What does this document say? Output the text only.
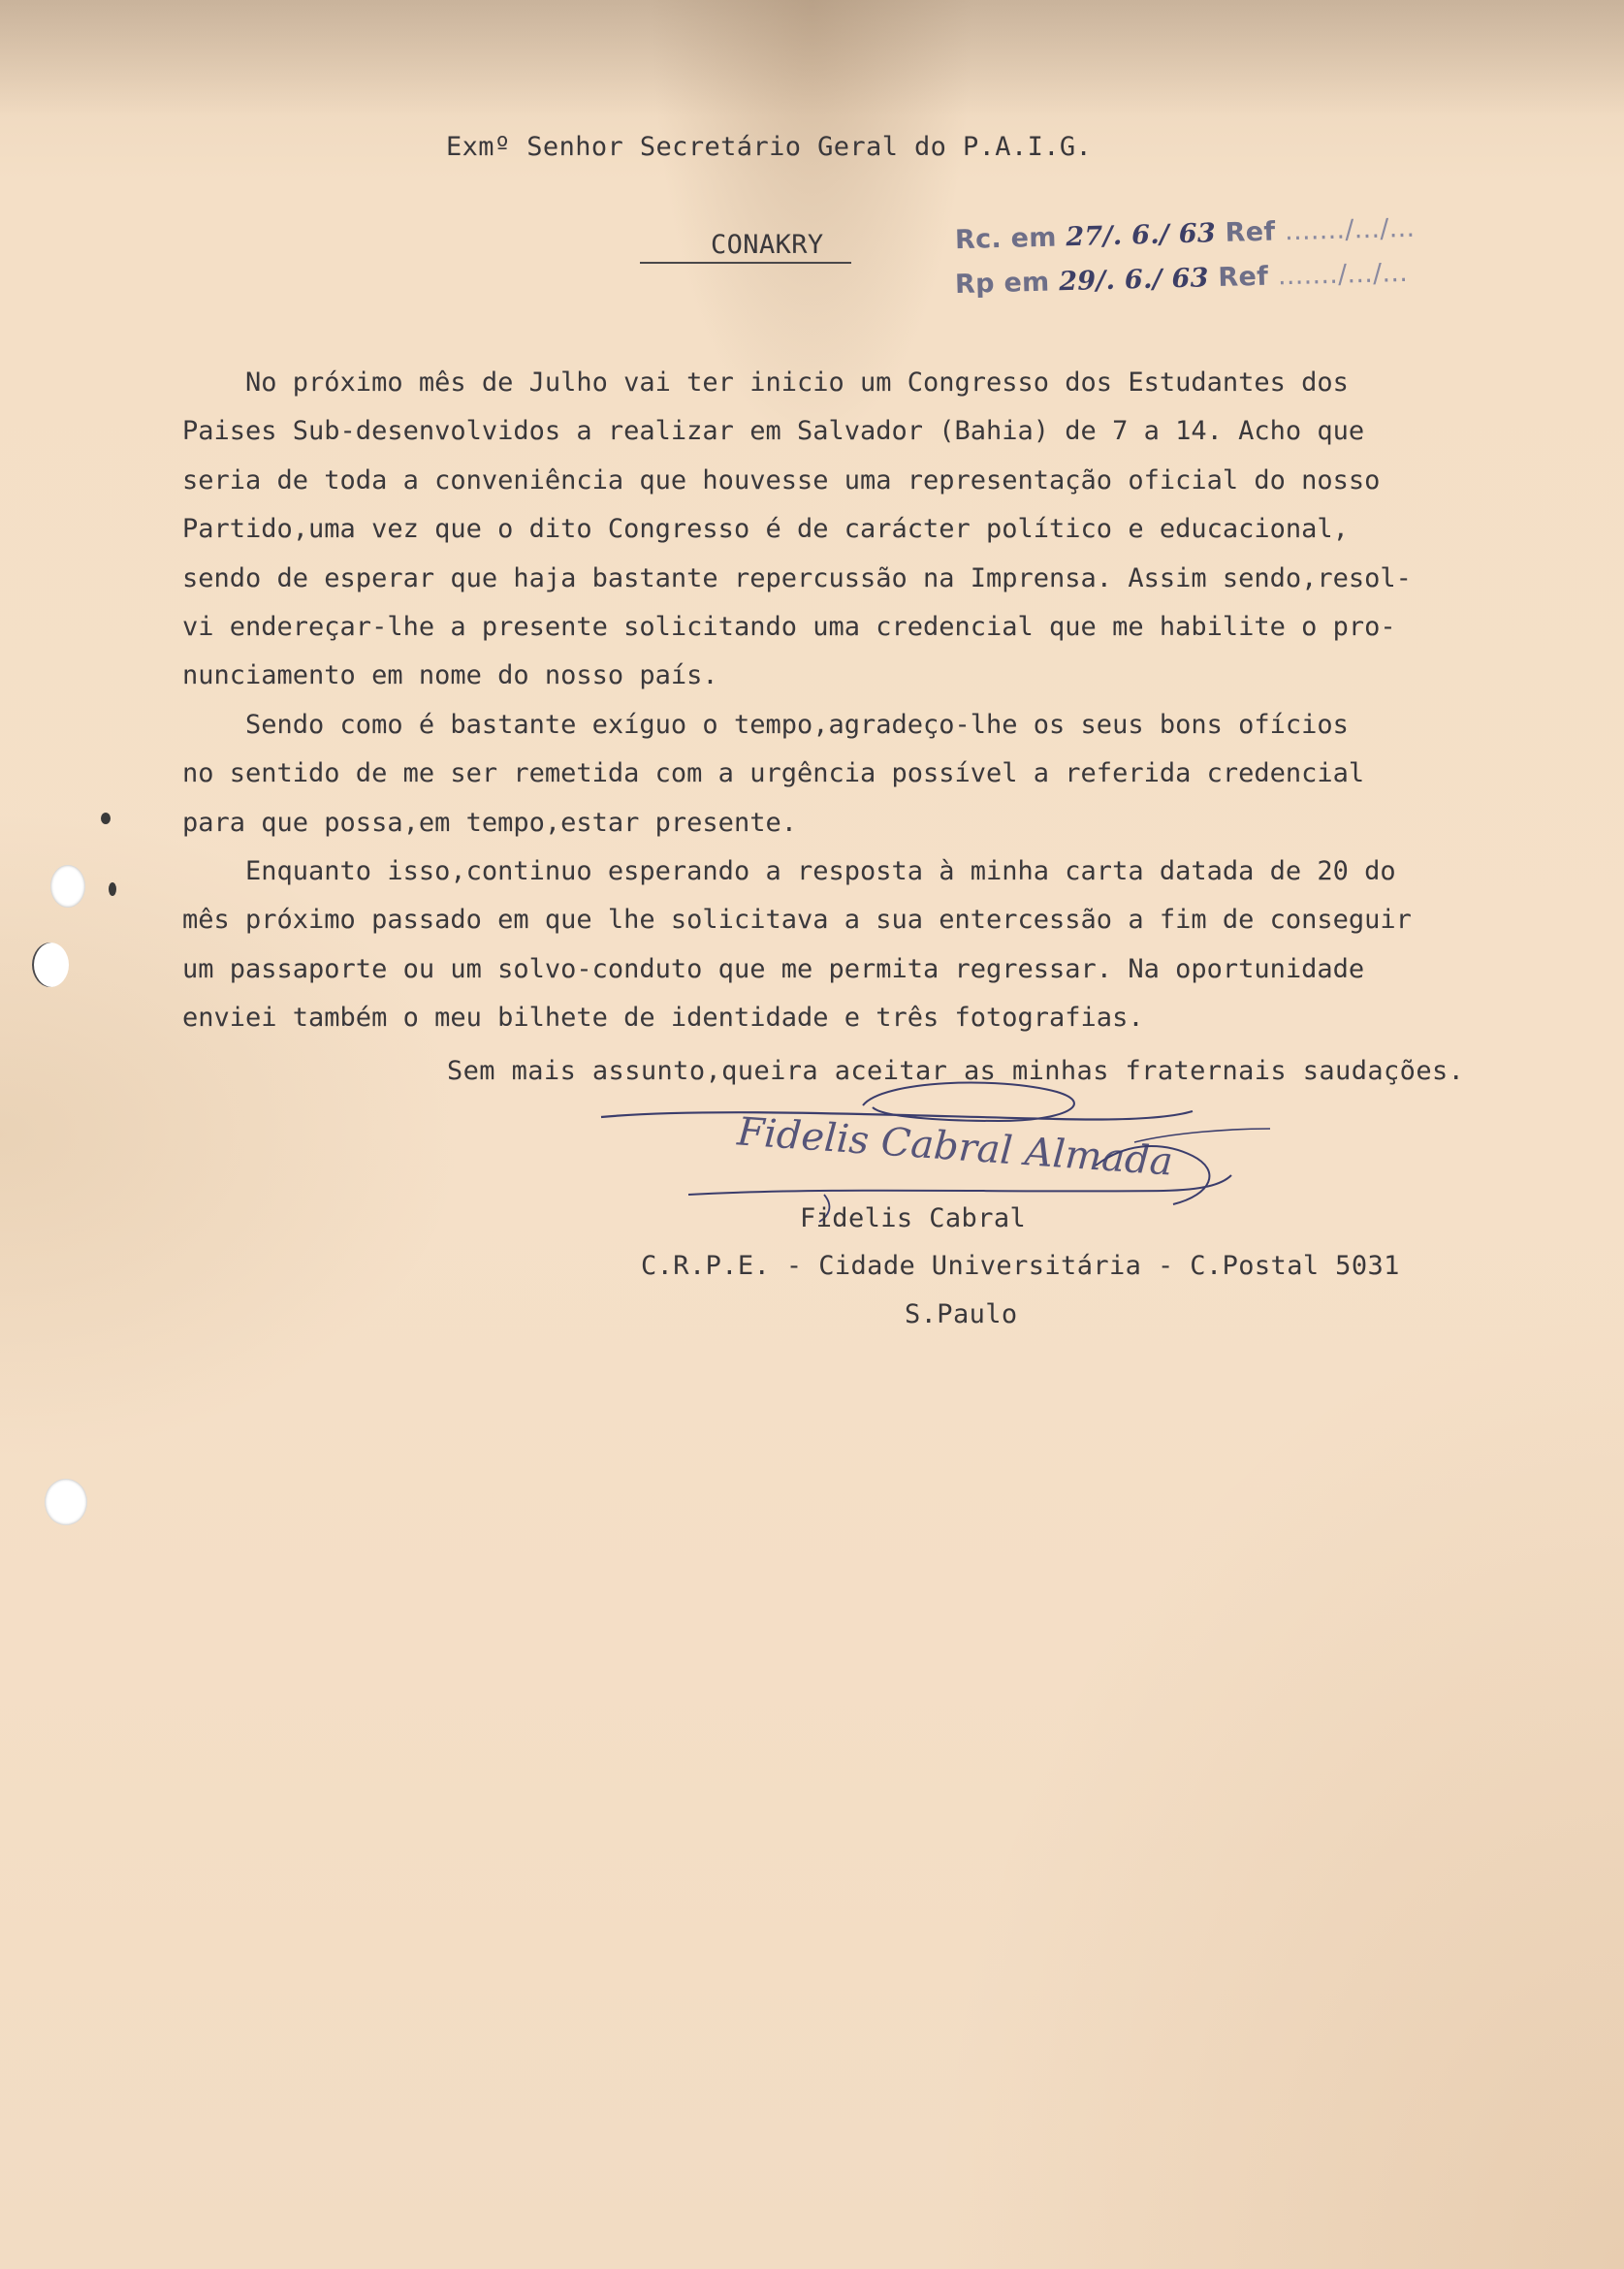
Exmº Senhor Secretário Geral do P.A.I.G.
CONAKRY	Rc. em 27/. 6./ 63 Ref ......./.../...
Rp em 29/. 6./ 63 Ref ......./.../...

No próximo mês de Julho vai ter inicio um Congresso dos Estudantes dos
Paises Sub-desenvolvidos a realizar em Salvador (Bahia) de 7 a 14. Acho que
seria de toda a conveniência que houvesse uma representação oficial do nosso
Partido,uma vez que o dito Congresso é de carácter político e educacional,
sendo de esperar que haja bastante repercussão na Imprensa. Assim sendo,resol-
vi endereçar-lhe a presente solicitando uma credencial que me habilite o pro-
nunciamento em nome do nosso país.

Sendo como é bastante exíguo o tempo,agradeço-lhe os seus bons ofícios
no sentido de me ser remetida com a urgência possível a referida credencial
para que possa,em tempo,estar presente.

Enquanto isso,continuo esperando a resposta à minha carta datada de 20 do
mês próximo passado em que lhe solicitava a sua entercessão a fim de conseguir
um passaporte ou um solvo-conduto que me permita regressar. Na oportunidade
enviei também o meu bilhete de identidade e três fotografias.

Sem mais assunto,queira aceitar as minhas fraternais saudações.
Fidelis Cabral Almada
Fidelis Cabral
C.R.P.E. - Cidade Universitária - C.Postal 5031
S.Paulo
